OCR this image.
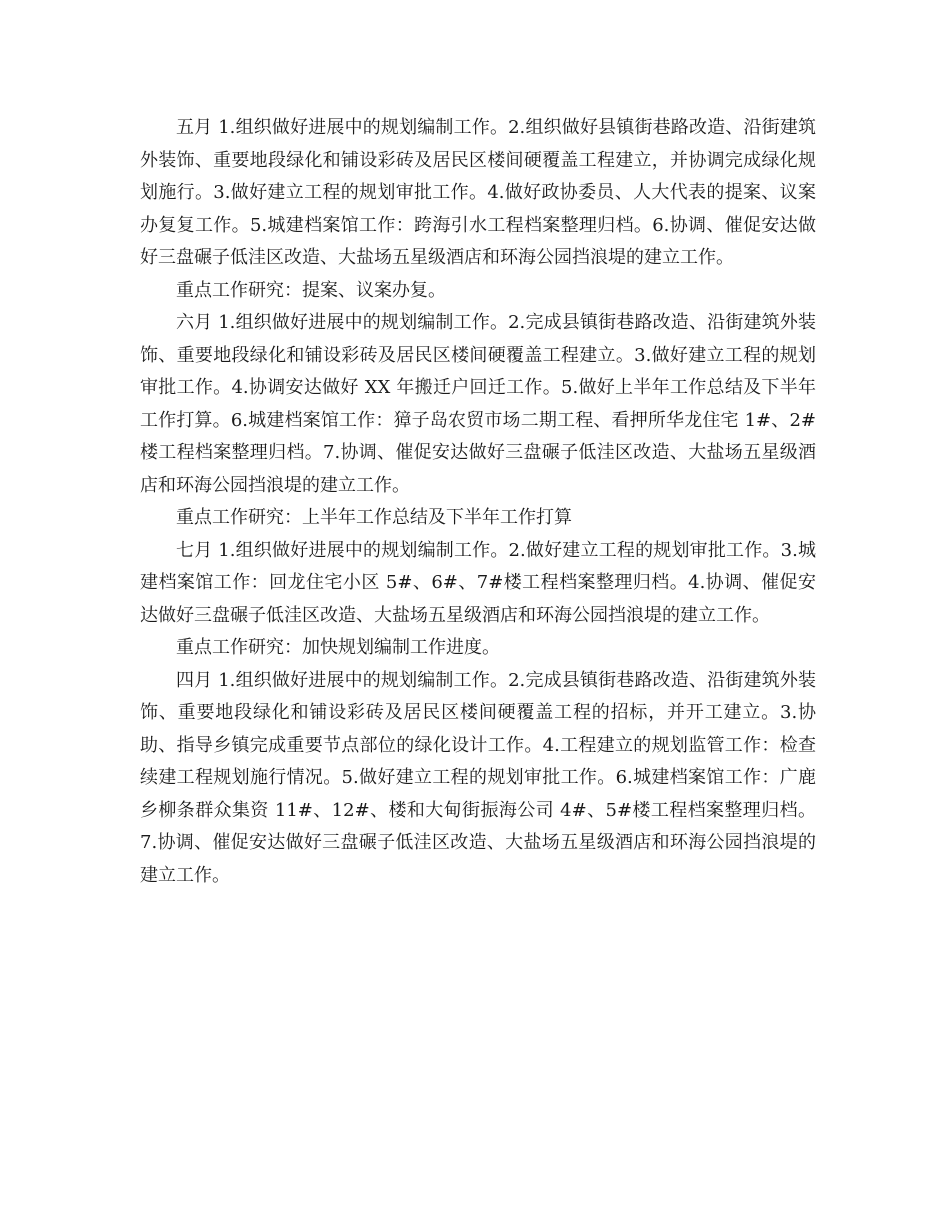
五月 1.组织做好进展中的规划编制工作。2.组织做好县镇街巷路改造、沿街建筑外装饰、重要地段绿化和铺设彩砖及居民区楼间硬覆盖工程建立，并协调完成绿化规划施行。3.做好建立工程的规划审批工作。4.做好政协委员、人大代表的提案、议案办复复工作。5.城建档案馆工作：跨海引水工程档案整理归档。6.协调、催促安达做好三盘碾子低洼区改造、大盐场五星级酒店和环海公园挡浪堤的建立工作。

重点工作研究：提案、议案办复。

六月 1.组织做好进展中的规划编制工作。2.完成县镇街巷路改造、沿街建筑外装饰、重要地段绿化和铺设彩砖及居民区楼间硬覆盖工程建立。3.做好建立工程的规划审批工作。4.协调安达做好 XX 年搬迁户回迁工作。5.做好上半年工作总结及下半年工作打算。6.城建档案馆工作：獐子岛农贸市场二期工程、看押所华龙住宅 1#、2#楼工程档案整理归档。7.协调、催促安达做好三盘碾子低洼区改造、大盐场五星级酒店和环海公园挡浪堤的建立工作。

重点工作研究：上半年工作总结及下半年工作打算

七月 1.组织做好进展中的规划编制工作。2.做好建立工程的规划审批工作。3.城建档案馆工作：回龙住宅小区 5#、6#、7#楼工程档案整理归档。4.协调、催促安达做好三盘碾子低洼区改造、大盐场五星级酒店和环海公园挡浪堤的建立工作。

重点工作研究：加快规划编制工作进度。

四月 1.组织做好进展中的规划编制工作。2.完成县镇街巷路改造、沿街建筑外装饰、重要地段绿化和铺设彩砖及居民区楼间硬覆盖工程的招标，并开工建立。3.协助、指导乡镇完成重要节点部位的绿化设计工作。4.工程建立的规划监管工作：检查续建工程规划施行情况。5.做好建立工程的规划审批工作。6.城建档案馆工作：广鹿乡柳条群众集资 11#、12#、楼和大甸街振海公司 4#、5#楼工程档案整理归档。7.协调、催促安达做好三盘碾子低洼区改造、大盐场五星级酒店和环海公园挡浪堤的建立工作。
